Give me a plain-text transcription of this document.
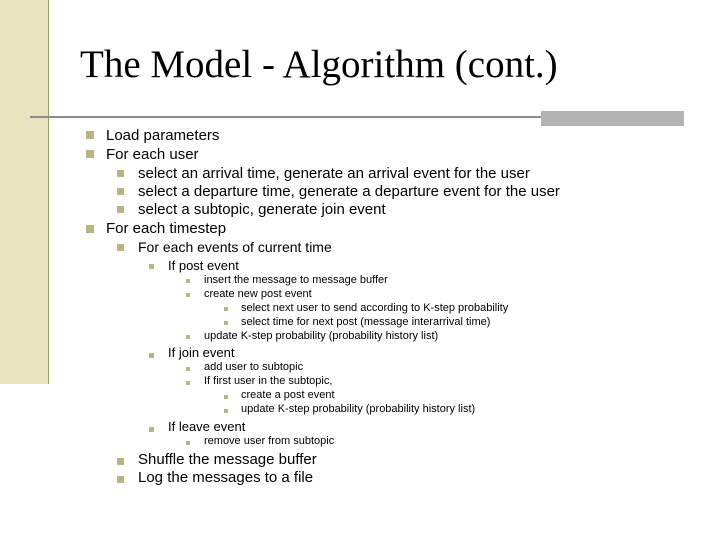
The Model - Algorithm (cont.)
Load parameters
For each user
select an arrival time, generate an arrival event for the user
select a departure time, generate a departure event for the user
select a subtopic, generate join event
For each timestep
For each events of current time
If post event
insert the message to message buffer
create new post event
select next user to send according to K-step probability
select time for next post (message interarrival time)
update K-step probability (probability history list)
If join event
add user to subtopic
If first user in the subtopic,
create a post event
update K-step probability (probability history list)
If leave event
remove user from subtopic
Shuffle the message buffer
Log the messages to a file
